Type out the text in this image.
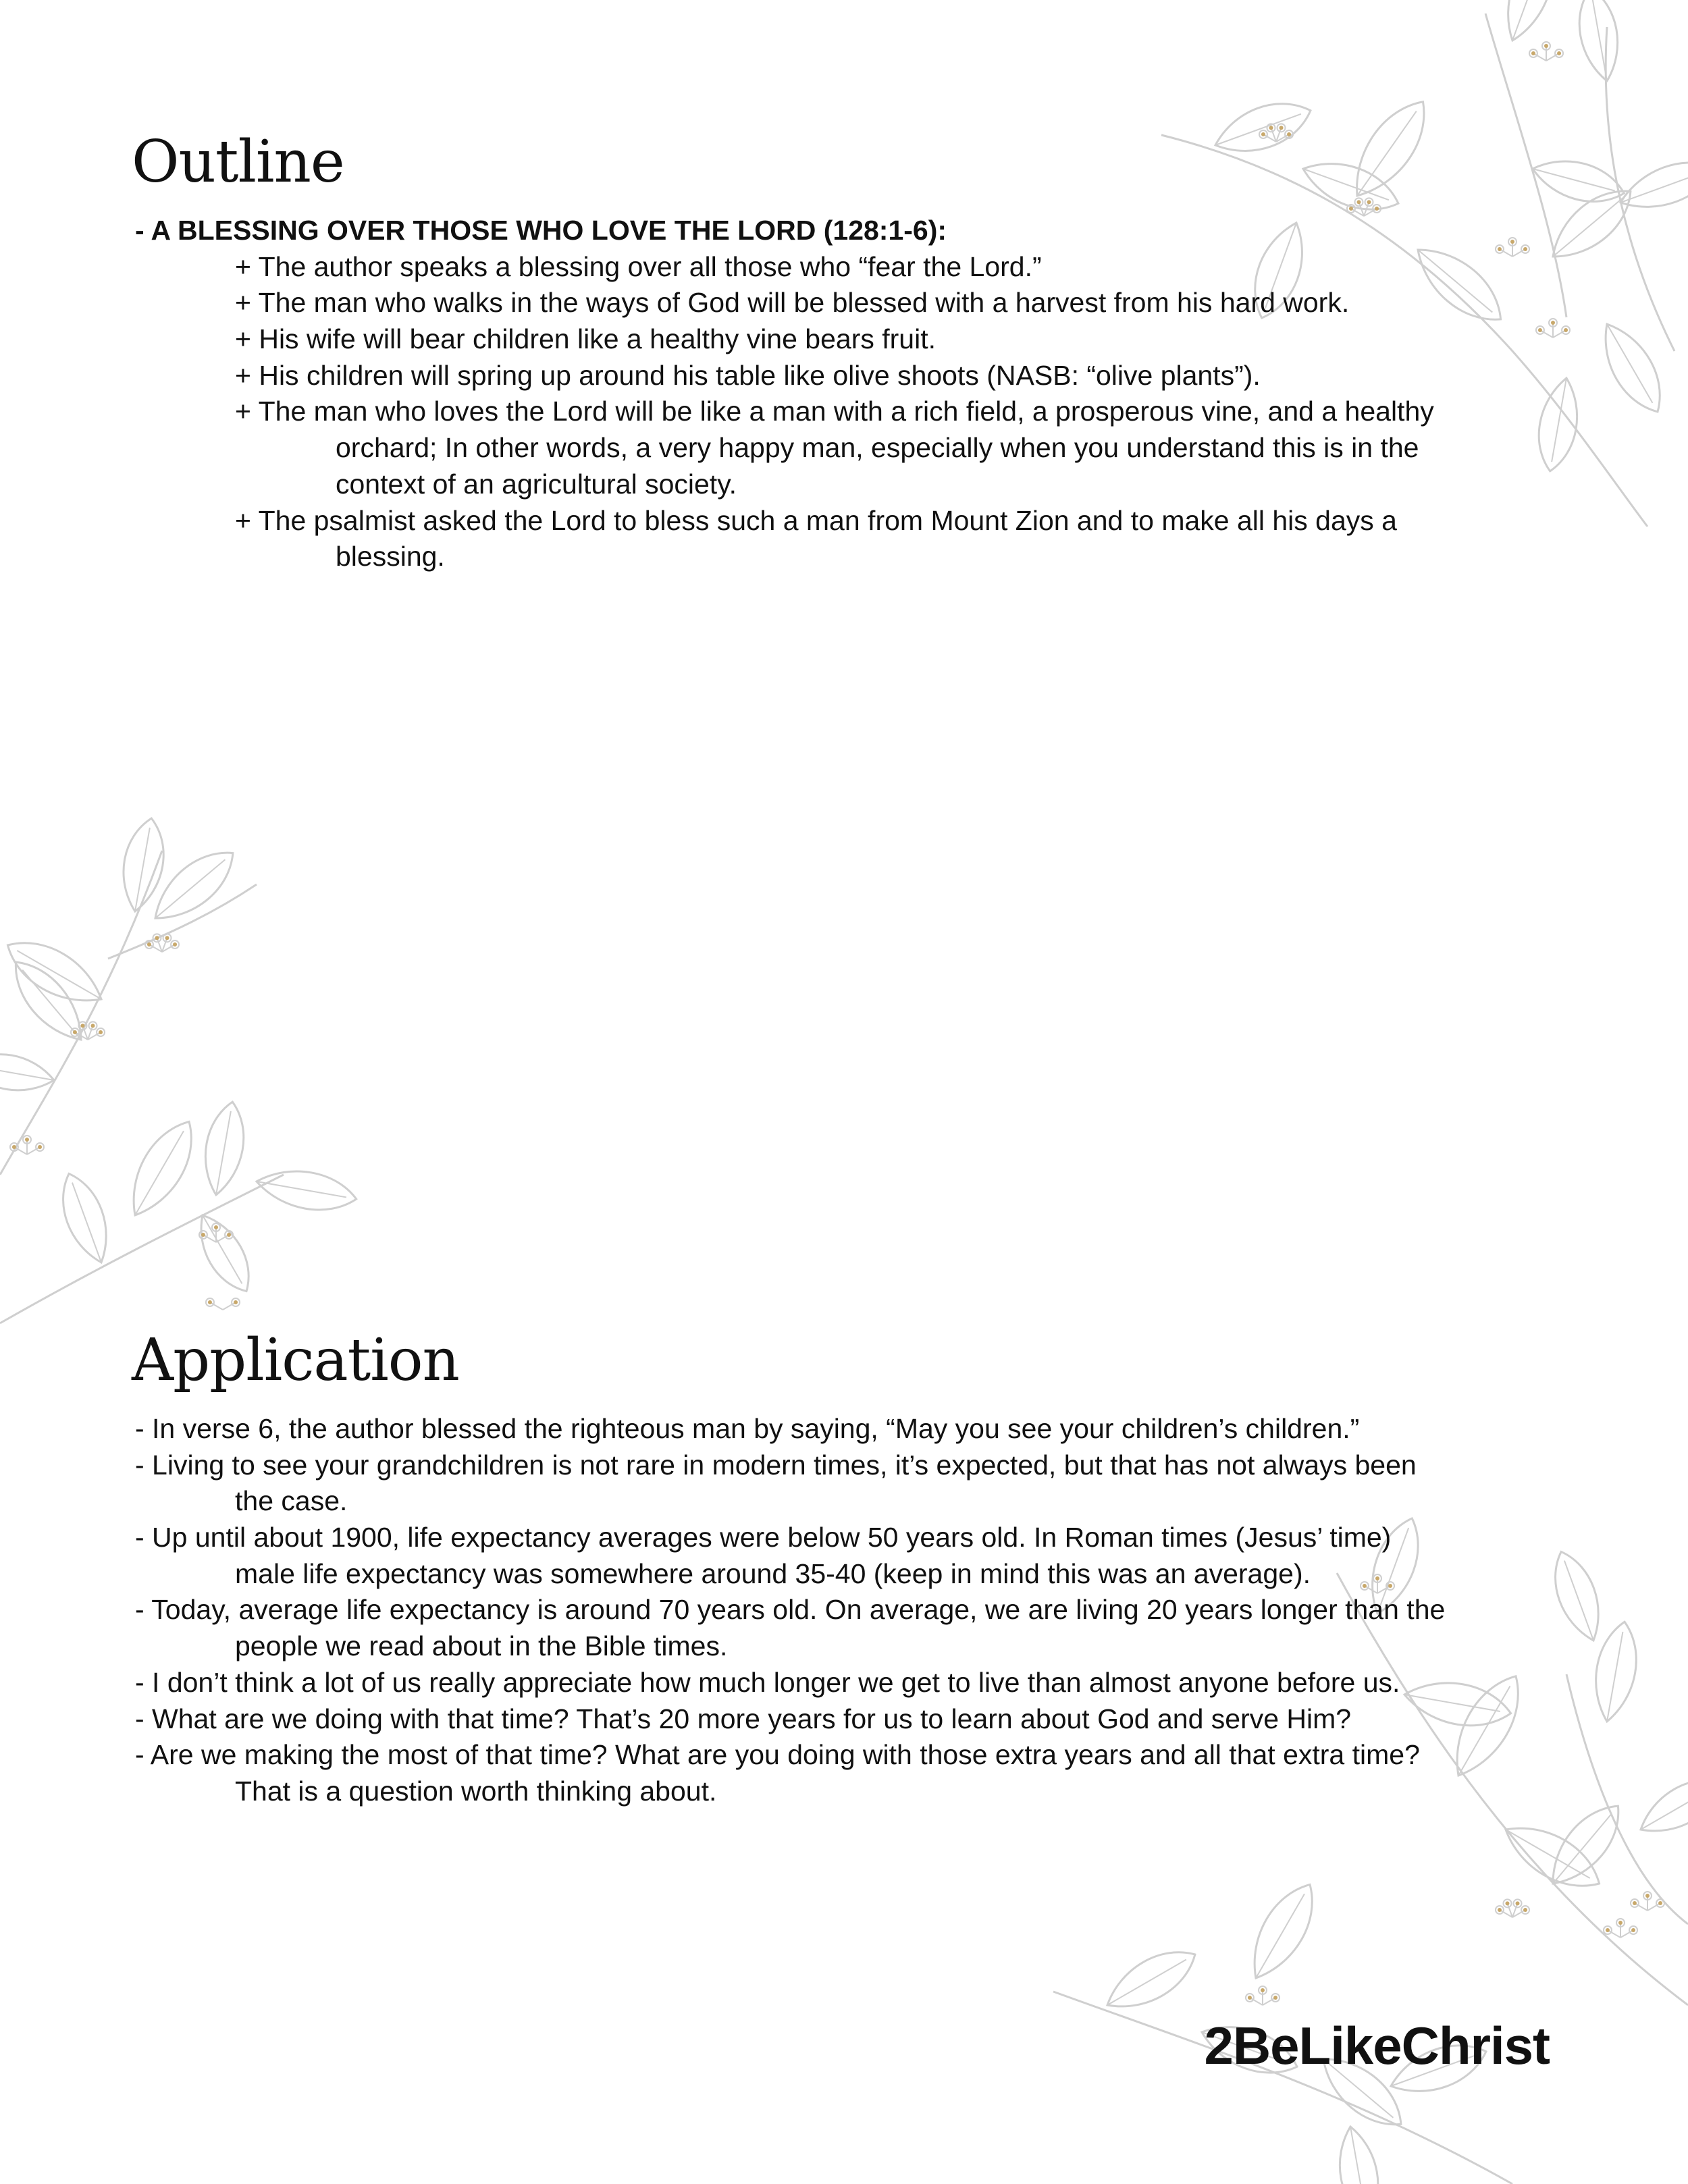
Outline
- A BLESSING OVER THOSE WHO LOVE THE LORD (128:1-6):
+ The author speaks a blessing over all those who “fear the Lord.”
+ The man who walks in the ways of God will be blessed with a harvest from his hard work.
+ His wife will bear children like a healthy vine bears fruit.
+ His children will spring up around his table like olive shoots (NASB: “olive plants”).
+ The man who loves the Lord will be like a man with a rich field, a prosperous vine, and a healthy
orchard; In other words, a very happy man, especially when you understand this is in the
context of an agricultural society.
+ The psalmist asked the Lord to bless such a man from Mount Zion and to make all his days a
blessing.
Application
- In verse 6, the author blessed the righteous man by saying, “May you see your children’s children.”
- Living to see your grandchildren is not rare in modern times, it’s expected, but that has not always been
the case.
- Up until about 1900, life expectancy averages were below 50 years old. In Roman times (Jesus’ time)
male life expectancy was somewhere around 35-40 (keep in mind this was an average).
- Today, average life expectancy is around 70 years old. On average, we are living 20 years longer than the
people we read about in the Bible times.
- I don’t think a lot of us really appreciate how much longer we get to live than almost anyone before us.
- What are we doing with that time? That’s 20 more years for us to learn about God and serve Him?
- Are we making the most of that time? What are you doing with those extra years and all that extra time?
That is a question worth thinking about.
2BeLikeChrist
